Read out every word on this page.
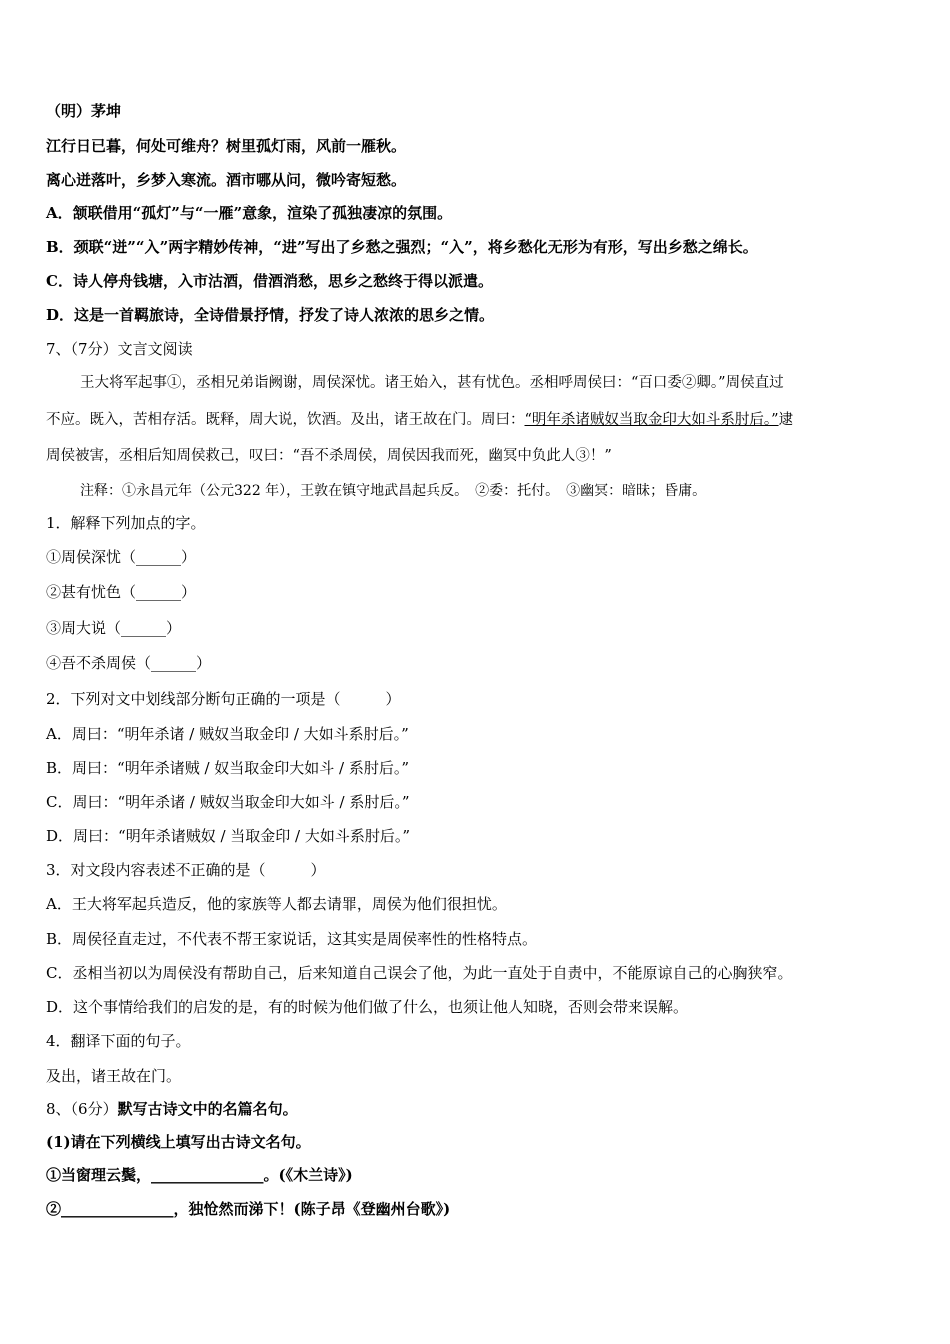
（明）茅坤
江行日已暮，何处可维舟？树里孤灯雨，风前一雁秋。
离心迸落叶，乡梦入寒流。酒市哪从问，微吟寄短愁。
A．颔联借用“孤灯”与“一雁”意象，渲染了孤独凄凉的氛围。
B．颈联“迸”“入”两字精妙传神，“进”写出了乡愁之强烈；“入”，将乡愁化无形为有形，写出乡愁之绵长。
C．诗人停舟钱塘，入市沽酒，借酒消愁，思乡之愁终于得以派遣。
D．这是一首羁旅诗，全诗借景抒情，抒发了诗人浓浓的思乡之情。
7、（7分）文言文阅读
王大将军起事①，丞相兄弟诣阙谢，周侯深忧。诸王始入，甚有忧色。丞相呼周侯曰：“百口委②卿。”周侯直过
不应。既入，苦相存活。既释，周大说，饮酒。及出，诸王故在门。周曰：“明年杀诸贼奴当取金印大如斗系肘后。”逮
周侯被害，丞相后知周侯救己，叹曰：“吾不杀周侯，周侯因我而死，幽冥中负此人③！”
注释：①永昌元年（公元322 年），王敦在镇守地武昌起兵反。　②委：托付。　③幽冥：暗昧；昏庸。
1．解释下列加点的字。
①周侯深忧（______）
②甚有忧色（______）
③周大说（______）
④吾不杀周侯（______）
2．下列对文中划线部分断句正确的一项是（　　　）
A．周曰：“明年杀诸 / 贼奴当取金印 / 大如斗系肘后。”
B．周曰：“明年杀诸贼 / 奴当取金印大如斗 / 系肘后。”
C．周曰：“明年杀诸 / 贼奴当取金印大如斗 / 系肘后。”
D．周曰：“明年杀诸贼奴 / 当取金印 / 大如斗系肘后。”
3．对文段内容表述不正确的是（　　　）
A．王大将军起兵造反，他的家族等人都去请罪，周侯为他们很担忧。
B．周侯径直走过，不代表不帮王家说话，这其实是周侯率性的性格特点。
C．丞相当初以为周侯没有帮助自己，后来知道自己误会了他，为此一直处于自责中，不能原谅自己的心胸狭窄。
D．这个事情给我们的启发的是，有的时候为他们做了什么，也须让他人知晓，否则会带来误解。
4．翻译下面的句子。
及出，诸王故在门。
8、（6分）默写古诗文中的名篇名句。
(1)请在下列横线上填写出古诗文名句。
①当窗理云鬓，_______________。(《木兰诗》)
②_______________，独怆然而涕下！(陈子昂《登幽州台歌》)
